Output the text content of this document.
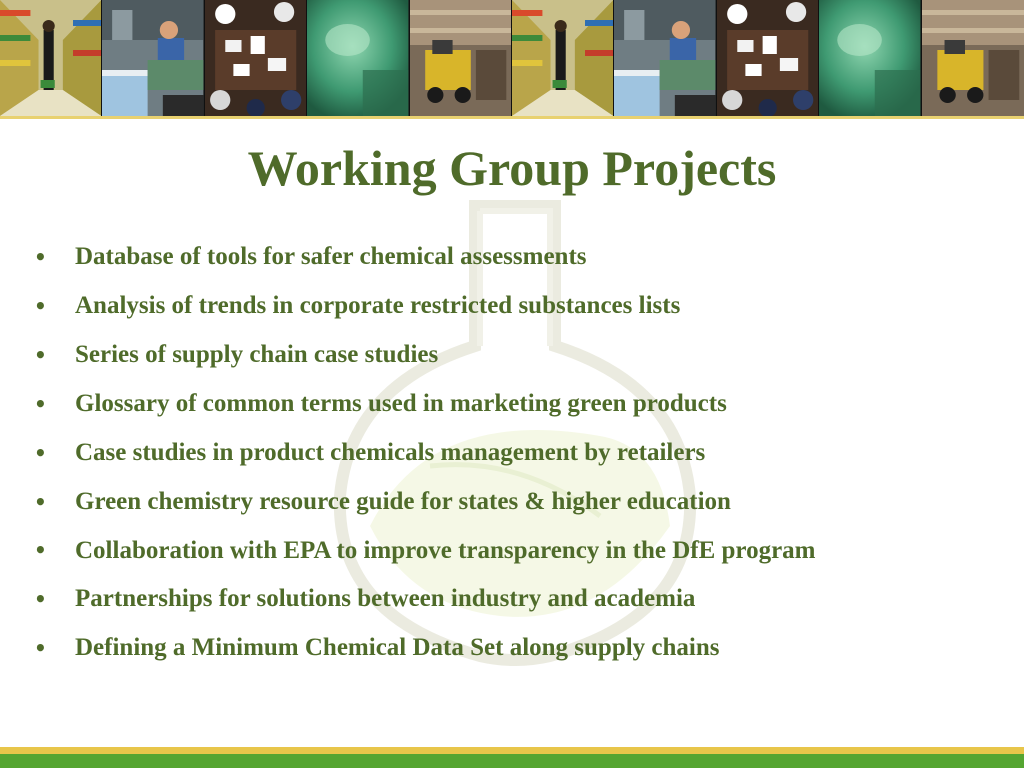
Working Group Projects
• Database of tools for safer chemical assessments
• Analysis of trends in corporate restricted substances lists
• Series of supply chain case studies
• Glossary of common terms used in marketing green products
• Case studies in product chemicals management by retailers
• Green chemistry resource guide for states & higher education
• Collaboration with EPA to improve transparency in the DfE program
• Partnerships for solutions between industry and academia
• Defining a Minimum Chemical Data Set along supply chains
